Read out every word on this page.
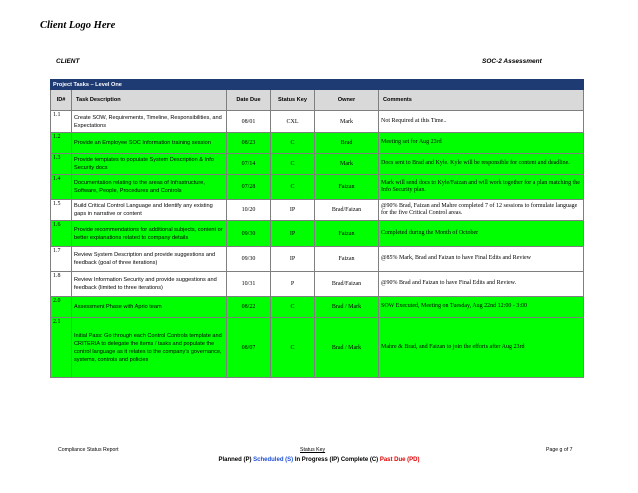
Client Logo Here
CLIENT	SOC-2 Assessment
Project Tasks – Level One					
ID#	Task Description	Date Due	Status Key	Owner	Comments
1.1	Create SOW, Requirements, Timeline, Responsibilities, and Expectations	08/01	CXL	Mark	Not Required at this Time..
1.2	Provide an Employee SOC Information training session	08/23	C	Brad	Meeting set for Aug 23rd
1.3	Provide templates to populate System Description & Info Security docs	07/14	C	Mark	Docs sent to Brad and Kyle. Kyle will be responsible for content and deadline.
1.4	Documentation relating to the areas of Infrastructure, Software, People, Procedures and Controls	07/28	C	Faizan	Mark will send docs to Kyle/Faizan and will work together for a plan matching the Info Security plan.
1.5	Build Critical Control Language and Identify any existing gaps in narrative or content	10/20	IP	Brad/Faizan	@90% Brad, Faizan and Mahre completed 7 of 12 sessions to formulate language for the five Critical Control areas.
1.6	Provide recommendations for additional subjects, content or better explanations related to company details	09/30	IP	Faizan	Completed during the Month of October
1.7	Review System Description and provide suggestions and feedback (goal of three iterations)	09/30	IP	Faizan	@85% Mark, Brad and Faizan to have Final Edits and Review
1.8	Review Information Security and provide suggestions and feedback (limited to three iterations)	10/31	P	Brad/Faizan	@90% Brad and Faizan to have Final Edits and Review.
2.0	Assessment Phase with Aprio team	08/22	C	Brad / Mark	SOW Executed, Meeting on Tuesday, Aug 22nd 12:00 - 3:00
2.1	Initial Pass: Go through each Control Controls template and CRITERIA to delegate the items / tasks and populate the control language as it relates to the company's governance, systems, controls and policies	08/07	C	Brad / Mark	Mahre & Brad, and Faizan to join the efforts after Aug 23rd
Compliance Status Report	Status Key	Page g of 7
Planned (P) Scheduled (S) In Progress (IP) Complete (C) Past Due (PD)
